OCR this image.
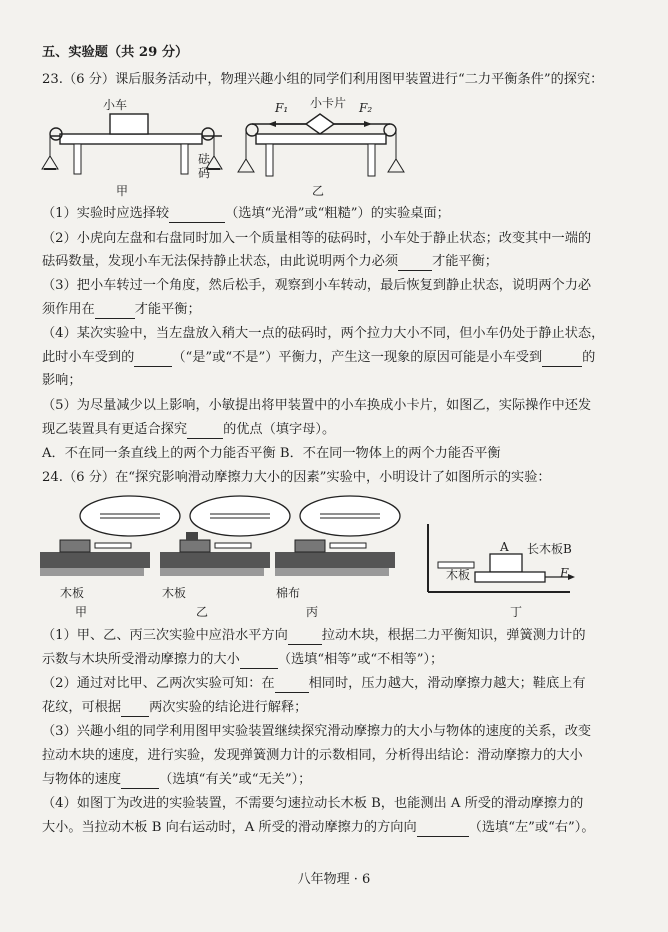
五、实验题（共 29 分）
23.（6 分）课后服务活动中，物理兴趣小组的同学们利用图甲装置进行“二力平衡条件”的探究：
小车
砝
码
甲
小卡片
F₁	F₂
乙
（1）实验时应选择较	（选填“光滑”或“粗糙”）的实验桌面；
（2）小虎向左盘和右盘同时加入一个质量相等的砝码时，小车处于静止状态；改变其中一端的
砝码数量，发现小车无法保持静止状态，由此说明两个力必须	才能平衡；
（3）把小车转过一个角度，然后松手，观察到小车转动，最后恢复到静止状态，说明两个力必
须作用在	才能平衡；
（4）某次实验中，当左盘放入稍大一点的砝码时，两个拉力大小不同，但小车仍处于静止状态，
此时小车受到的	（“是”或“不是”）平衡力，产生这一现象的原因可能是小车受到	的
影响；
（5）为尽量减少以上影响，小敏提出将甲装置中的小车换成小卡片，如图乙，实际操作中还发
现乙装置具有更适合探究	的优点（填字母）。
A．不在同一条直线上的两个力能否平衡 B．不在同一物体上的两个力能否平衡
24.（6 分）在“探究影响滑动摩擦力大小的因素”实验中，小明设计了如图所示的实验：
木板	木板	棉布
甲	乙	丙
A 长木板B
木板	F
丁
（1）甲、乙、丙三次实验中应沿水平方向	拉动木块，根据二力平衡知识，弹簧测力计的
示数与木块所受滑动摩擦力的大小	（选填“相等”或“不相等”）；
（2）通过对比甲、乙两次实验可知：在	相同时，压力越大，滑动摩擦力越大；鞋底上有
花纹，可根据 两次实验的结论进行解释；
（3）兴趣小组的同学利用图甲实验装置继续探究滑动摩擦力的大小与物体的速度的关系，改变
拉动木块的速度，进行实验，发现弹簧测力计的示数相同，分析得出结论：滑动摩擦力的大小
与物体的速度	（选填“有关”或“无关”）；
（4）如图丁为改进的实验装置，不需要匀速拉动长木板 B，也能测出 A 所受的滑动摩擦力的
大小。当拉动木板 B 向右运动时，A 所受的滑动摩擦力的方向向	（选填“左”或“右”）。
八年物理 · 6
